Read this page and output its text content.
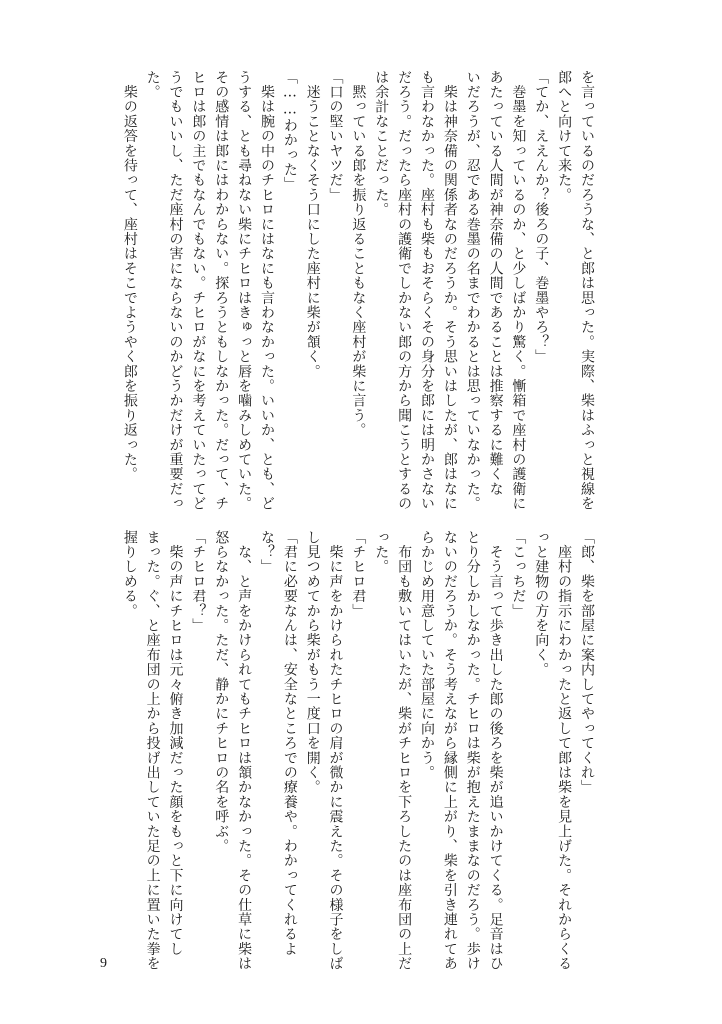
を言っているのだろうな、と郎は思った。実際、柴はふっと視線を
郎へと向けて来た。
「てか、ええんか？後ろの子、巻墨やろ？」
　巻墨を知っているのか、と少しばかり驚く。慚箱で座村の護衛に
あたっている人間が神奈備の人間であることは推察するに難くな
いだろうが、忍である巻墨の名までわかるとは思っていなかった。
　柴は神奈備の関係者なのだろうか。そう思いはしたが、郎はなに
も言わなかった。座村も柴もおそらくその身分を郎には明かさない
だろう。だったら座村の護衛でしかない郎の方から聞こうとするの
は余計なことだった。
　黙っている郎を振り返ることもなく座村が柴に言う。
「口の堅いヤツだ」
　迷うことなくそう口にした座村に柴が頷く。
「……わかった」
　柴は腕の中のチヒロにはなにも言わなかった。いいか、とも、ど
うする、とも尋ねない柴にチヒロはきゅっと唇を噛みしめていた。
その感情は郎にはわからない。探ろうともしなかった。だって、チ
ヒロは郎の主でもなんでもない。チヒロがなにを考えていたってど
うでもいいし、ただ座村の害にならないのかどうかだけが重要だっ
た。
　柴の返答を待って、座村はそこでようやく郎を振り返った。
「郎、柴を部屋に案内してやってくれ」
　座村の指示にわかったと返して郎は柴を見上げた。それからくる
っと建物の方を向く。
「こっちだ」
　そう言って歩き出した郎の後ろを柴が追いかけてくる。足音はひ
とり分しかしなかった。チヒロは柴が抱えたままなのだろう。歩け
ないのだろうか。そう考えながら縁側に上がり、柴を引き連れてあ
らかじめ用意していた部屋に向かう。
　布団も敷いてはいたが、柴がチヒロを下ろしたのは座布団の上だ
った。
「チヒロ君」
　柴に声をかけられたチヒロの肩が微かに震えた。その様子をしば
し見つめてから柴がもう一度口を開く。
「君に必要なんは、安全なところでの療養や。わかってくれるよ
な？」
　な、と声をかけられてもチヒロは頷かなかった。その仕草に柴は
怒らなかった。ただ、静かにチヒロの名を呼ぶ。
「チヒロ君？」
　柴の声にチヒロは元々俯き加減だった顔をもっと下に向けてし
まった。ぐ、と座布団の上から投げ出していた足の上に置いた拳を
握りしめる。
9
